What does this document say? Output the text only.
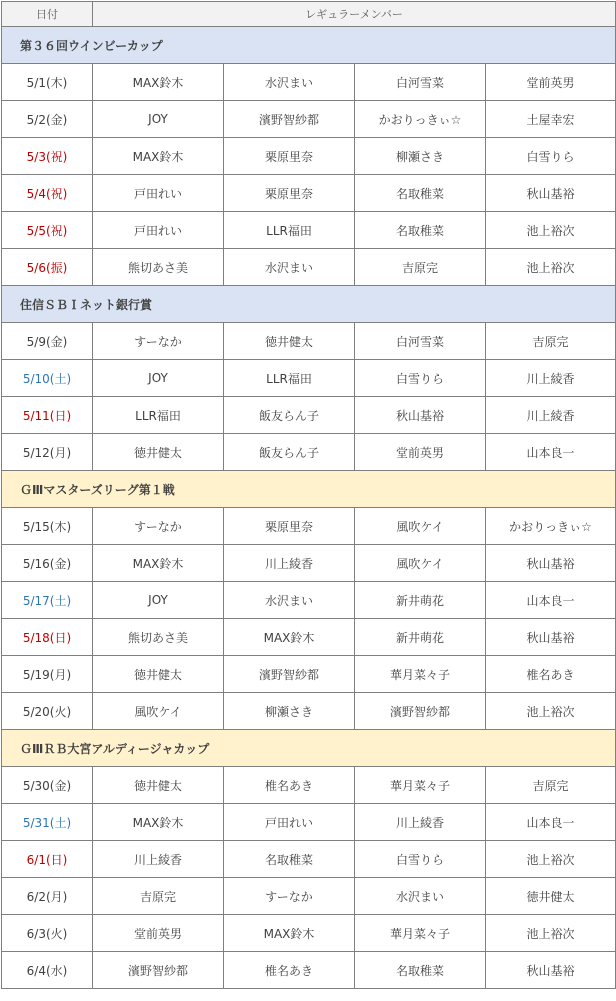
日付	レギュラーメンバー			
第３６回ウインビーカップ				
5/1(木)	MAX鈴木	水沢まい	白河雪菜	堂前英男
5/2(金)	JOY	濱野智紗都	かおりっきぃ☆	土屋幸宏
5/3(祝)	MAX鈴木	栗原里奈	柳瀬さき	白雪りら
5/4(祝)	戸田れい	栗原里奈	名取稚菜	秋山基裕
5/5(祝)	戸田れい	LLR福田	名取稚菜	池上裕次
5/6(振)	熊切あさ美	水沢まい	吉原完	池上裕次
住信ＳＢＩネット銀行賞				
5/9(金)	すーなか	徳井健太	白河雪菜	吉原完
5/10(土)	JOY	LLR福田	白雪りら	川上綾香
5/11(日)	LLR福田	飯友らん子	秋山基裕	川上綾香
5/12(月)	徳井健太	飯友らん子	堂前英男	山本良一
ＧⅢマスターズリーグ第１戦				
5/15(木)	すーなか	栗原里奈	風吹ケイ	かおりっきぃ☆
5/16(金)	MAX鈴木	川上綾香	風吹ケイ	秋山基裕
5/17(土)	JOY	水沢まい	新井萌花	山本良一
5/18(日)	熊切あさ美	MAX鈴木	新井萌花	秋山基裕
5/19(月)	徳井健太	濱野智紗都	華月菜々子	椎名あき
5/20(火)	風吹ケイ	柳瀬さき	濱野智紗都	池上裕次
ＧⅢＲＢ大宮アルディージャカップ				
5/30(金)	徳井健太	椎名あき	華月菜々子	吉原完
5/31(土)	MAX鈴木	戸田れい	川上綾香	山本良一
6/1(日)	川上綾香	名取稚菜	白雪りら	池上裕次
6/2(月)	吉原完	すーなか	水沢まい	徳井健太
6/3(火)	堂前英男	MAX鈴木	華月菜々子	池上裕次
6/4(水)	濱野智紗都	椎名あき	名取稚菜	秋山基裕
